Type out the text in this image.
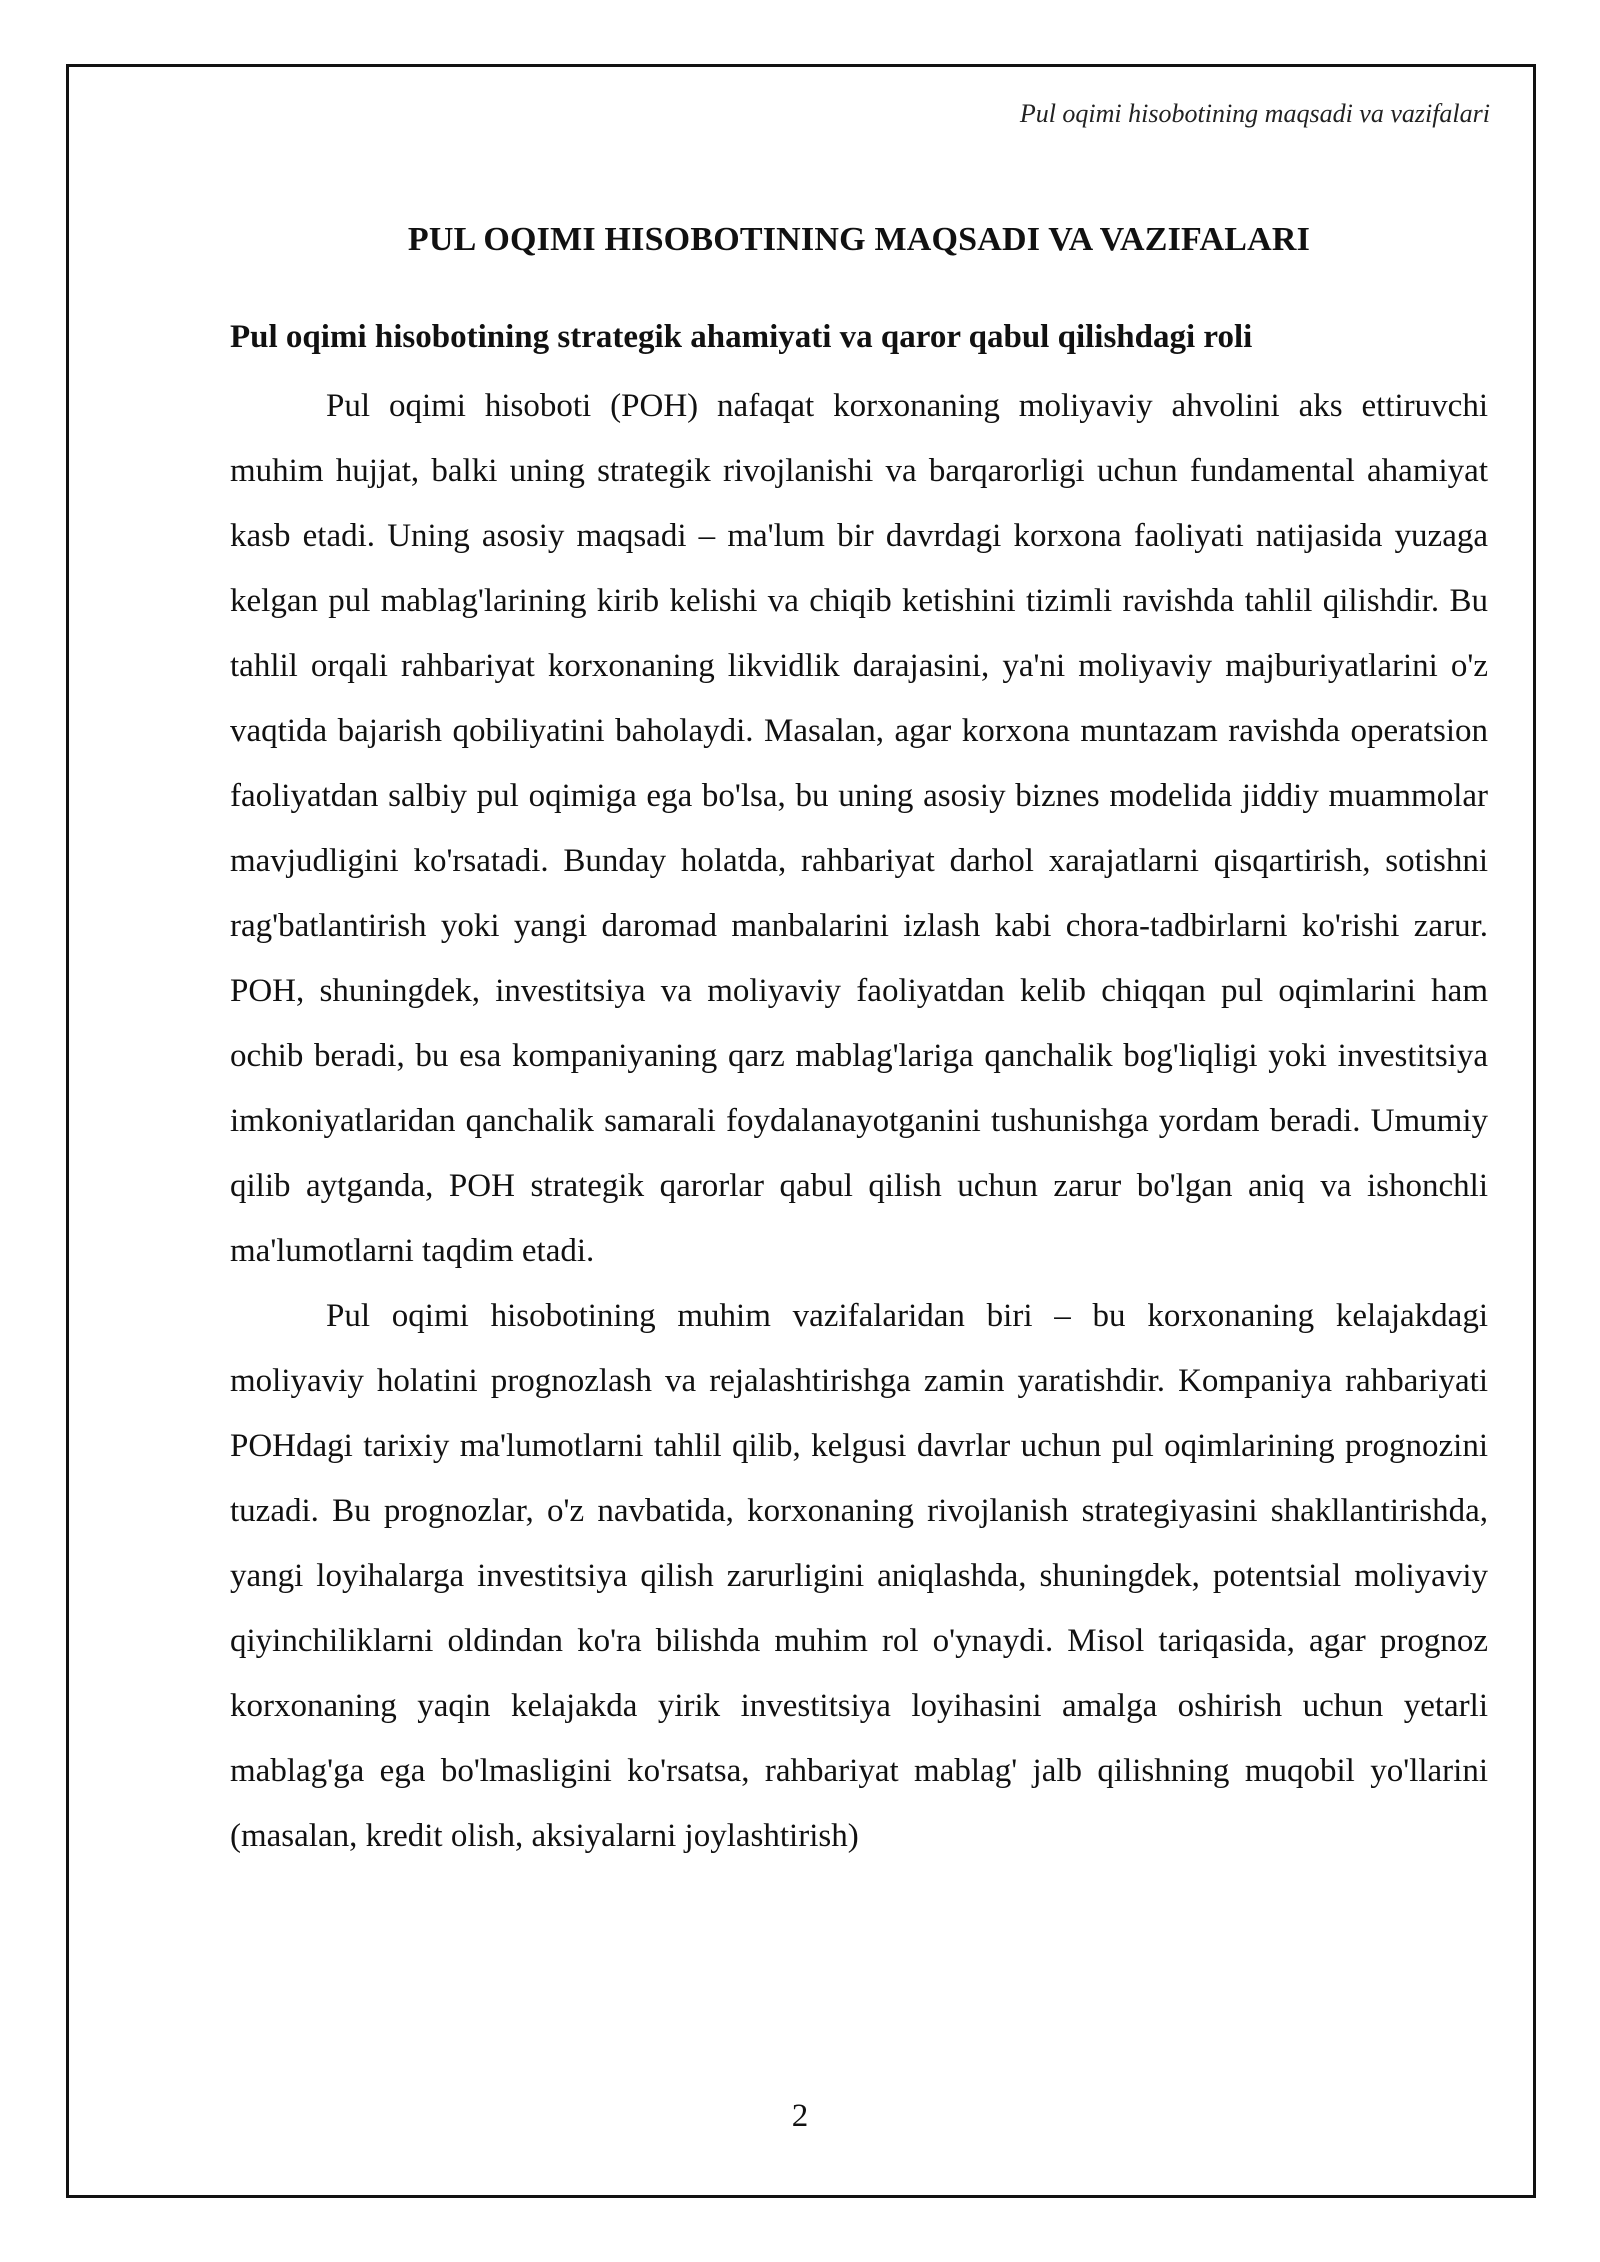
Pul oqimi hisobotining maqsadi va vazifalari
PUL OQIMI HISOBOTINING MAQSADI VA VAZIFALARI
Pul oqimi hisobotining strategik ahamiyati va qaror qabul qilishdagi roli

Pul oqimi hisoboti (POH) nafaqat korxonaning moliyaviy ahvolini aks ettiruvchi muhim hujjat, balki uning strategik rivojlanishi va barqarorligi uchun fundamental ahamiyat kasb etadi. Uning asosiy maqsadi – ma'lum bir davrdagi korxona faoliyati natijasida yuzaga kelgan pul mablag'larining kirib kelishi va chiqib ketishini tizimli ravishda tahlil qilishdir. Bu tahlil orqali rahbariyat korxonaning likvidlik darajasini, ya'ni moliyaviy majburiyatlarini o'z vaqtida bajarish qobiliyatini baholaydi. Masalan, agar korxona muntazam ravishda operatsion faoliyatdan salbiy pul oqimiga ega bo'lsa, bu uning asosiy biznes modelida jiddiy muammolar mavjudligini ko'rsatadi. Bunday holatda, rahbariyat darhol xarajatlarni qisqartirish, sotishni rag'batlantirish yoki yangi daromad manbalarini izlash kabi chora-tadbirlarni ko'rishi zarur. POH, shuningdek, investitsiya va moliyaviy faoliyatdan kelib chiqqan pul oqimlarini ham ochib beradi, bu esa kompaniyaning qarz mablag'lariga qanchalik bog'liqligi yoki investitsiya imkoniyatlaridan qanchalik samarali foydalanayotganini tushunishga yordam beradi. Umumiy qilib aytganda, POH strategik qarorlar qabul qilish uchun zarur bo'lgan aniq va ishonchli ma'lumotlarni taqdim etadi.

Pul oqimi hisobotining muhim vazifalaridan biri – bu korxonaning kelajakdagi moliyaviy holatini prognozlash va rejalashtirishga zamin yaratishdir. Kompaniya rahbariyati POHdagi tarixiy ma'lumotlarni tahlil qilib, kelgusi davrlar uchun pul oqimlarining prognozini tuzadi. Bu prognozlar, o'z navbatida, korxonaning rivojlanish strategiyasini shakllantirishda, yangi loyihalarga investitsiya qilish zarurligini aniqlashda, shuningdek, potentsial moliyaviy qiyinchiliklarni oldindan ko'ra bilishda muhim rol o'ynaydi. Misol tariqasida, agar prognoz korxonaning yaqin kelajakda yirik investitsiya loyihasini amalga oshirish uchun yetarli mablag'ga ega bo'lmasligini ko'rsatsa, rahbariyat mablag' jalb qilishning muqobil yo'llarini (masalan, kredit olish, aksiyalarni joylashtirish)

2
